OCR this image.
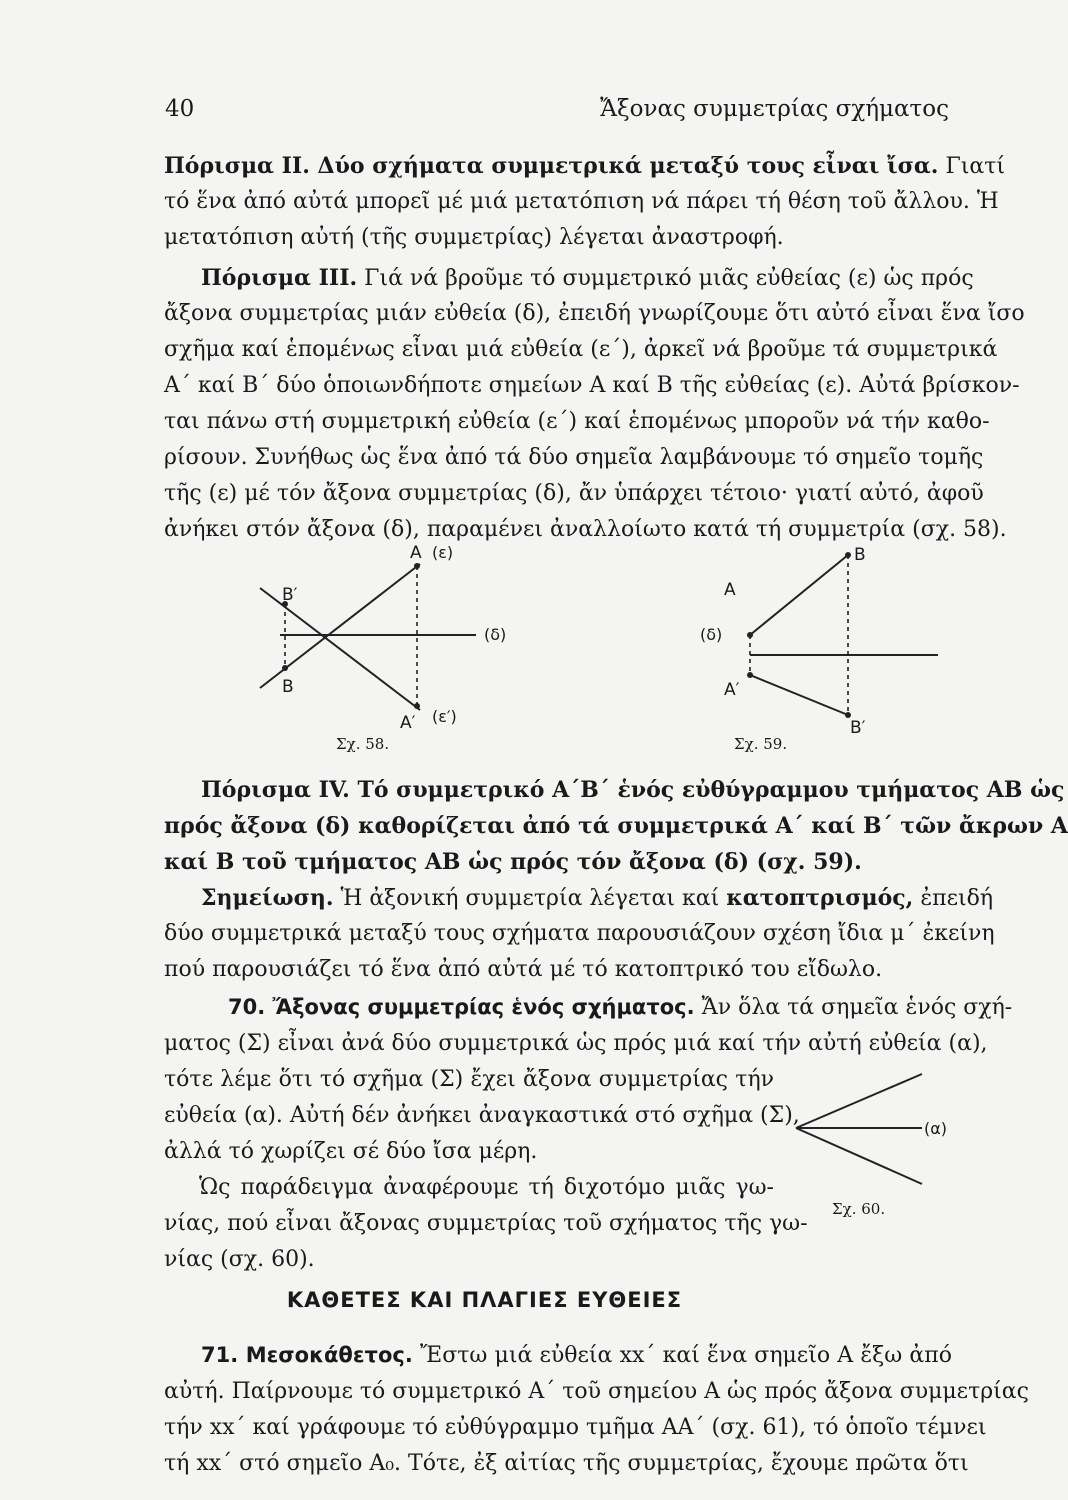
40	Ἄξονας συμμετρίας σχήματος
Πόρισμα II. Δύο σχήματα συμμετρικά μεταξύ τους εἶναι ἴσα. Γιατί
τό ἕνα ἀπό αὐτά μπορεῖ μέ μιά μετατόπιση νά πάρει τή θέση τοῦ ἄλλου. Ἡ
μετατόπιση αὐτή (τῆς συμμετρίας) λέγεται ἀναστροφή.
Πόρισμα III. Γιά νά βροῦμε τό συμμετρικό μιᾶς εὐθείας (ε) ὡς πρός
ἄξονα συμμετρίας μιάν εὐθεία (δ), ἐπειδή γνωρίζουμε ὅτι αὐτό εἶναι ἕνα ἴσο
σχῆμα καί ἑπομένως εἶναι μιά εὐθεία (ε΄), ἀρκεῖ νά βροῦμε τά συμμετρικά
Α΄ καί Β΄ δύο ὁποιωνδήποτε σημείων Α καί Β τῆς εὐθείας (ε). Αὐτά βρίσκον-
ται πάνω στή συμμετρική εὐθεία (ε΄) καί ἑπομένως μποροῦν νά τήν καθο-
ρίσουν. Συνήθως ὡς ἕνα ἀπό τά δύο σημεῖα λαμβάνουμε τό σημεῖο τομῆς
τῆς (ε) μέ τόν ἄξονα συμμετρίας (δ), ἄν ὑπάρχει τέτοιο· γιατί αὐτό, ἀφοῦ
ἀνήκει στόν ἄξονα (δ), παραμένει ἀναλλοίωτο κατά τή συμμετρία (σχ. 58).
A (ε)
B′
B
(δ)
A′ (ε′)
Σχ. 58.
B
A
(δ)
A′
B′
Σχ. 59.
Πόρισμα IV. Τό συμμετρικό Α΄Β΄ ἑνός εὐθύγραμμου τμήματος ΑΒ ὡς
πρός ἄξονα (δ) καθορίζεται ἀπό τά συμμετρικά Α΄ καί Β΄ τῶν ἄκρων Α
καί Β τοῦ τμήματος ΑΒ ὡς πρός τόν ἄξονα (δ) (σχ. 59).
Σημείωση. Ἡ ἀξονική συμμετρία λέγεται καί κατοπτρισμός, ἐπειδή
δύο συμμετρικά μεταξύ τους σχήματα παρουσιάζουν σχέση ἴδια μ΄ ἐκείνη
πού παρουσιάζει τό ἕνα ἀπό αὐτά μέ τό κατοπτρικό του εἴδωλο.
70. Ἄξονας συμμετρίας ἑνός σχήματος. Ἄν ὅλα τά σημεῖα ἑνός σχή-
ματος (Σ) εἶναι ἀνά δύο συμμετρικά ὡς πρός μιά καί τήν αὐτή εὐθεία (α),
τότε λέμε ὅτι τό σχῆμα (Σ) ἔχει ἄξονα συμμετρίας τήν
εὐθεία (α). Αὐτή δέν ἀνήκει ἀναγκαστικά στό σχῆμα (Σ),
ἀλλά τό χωρίζει σέ δύο ἴσα μέρη.
Ὡς παράδειγμα ἀναφέρουμε τή διχοτόμο μιᾶς γω-
νίας, πού εἶναι ἄξονας συμμετρίας τοῦ σχήματος τῆς γω-
νίας (σχ. 60).
(α)
Σχ. 60.
ΚΑΘΕΤΕΣ ΚΑΙ ΠΛΑΓΙΕΣ ΕΥΘΕΙΕΣ
71. Μεσοκάθετος. Ἔστω μιά εὐθεία xx΄ καί ἕνα σημεῖο Α ἔξω ἀπό
αὐτή. Παίρνουμε τό συμμετρικό Α΄ τοῦ σημείου Α ὡς πρός ἄξονα συμμετρίας
τήν xx΄ καί γράφουμε τό εὐθύγραμμο τμῆμα ΑΑ΄ (σχ. 61), τό ὁποῖο τέμνει
τή xx΄ στό σημεῖο Α₀. Τότε, ἐξ αἰτίας τῆς συμμετρίας, ἔχουμε πρῶτα ὅτι
